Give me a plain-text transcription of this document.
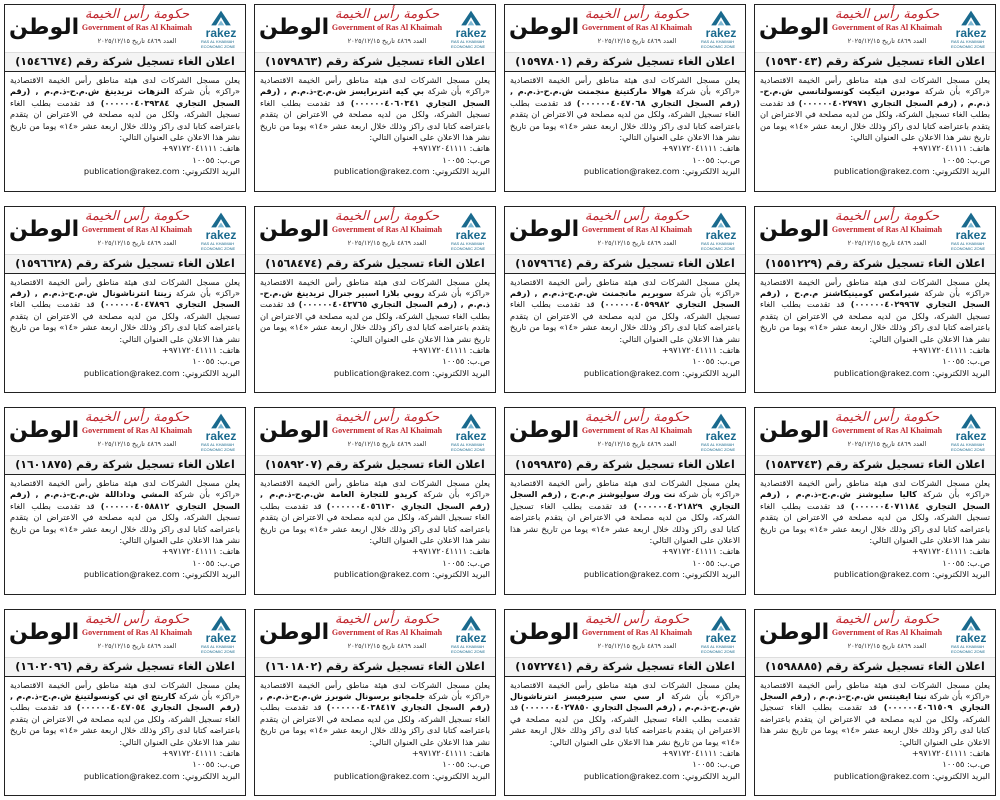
rakez
RAS AL KHAIMAH ECONOMIC ZONE
حكومة رأس الخيمة
Government of Ras Al Khaimah
العدد ٤٨٦٩ تاريخ ٢٠٢٥/١٢/١٥
الوطن
اعلان الغاء تسجيل شركة رقم (١٥٩٣٠٤٣)
يعلن مسجل الشركات لدى هيئة مناطق رأس الخيمة الاقتصادية «راكز» بأن شركة مودبرن اتيكيت كونسولتانسي ش.م.ح-ذ.م.م , (رقم السجل التجاري ٠٠٠٠٠٠٤٠٢٧٩٧١) قد تقدمت بطلب الغاء تسجيل الشركة، ولكل من لديه مصلحة في الاعتراض ان يتقدم باعتراضه كتابا لدى راكز وذلك خلال اربعة عشر «١٤» يوما من تاريخ نشر هذا الاعلان على العنوان التالي:
هاتف: ٩٧١٧٢٠٤١١١١+
ص.ب: ١٠٠٥٥
البريد الالكتروني: publication@rakez.com
rakez
RAS AL KHAIMAH ECONOMIC ZONE
حكومة رأس الخيمة
Government of Ras Al Khaimah
العدد ٤٨٦٩ تاريخ ٢٠٢٥/١٢/١٥
الوطن
اعلان الغاء تسجيل شركة رقم (١٥٩٧٨٠١)
يعلن مسجل الشركات لدى هيئة مناطق رأس الخيمة الاقتصادية «راكز» بأن شركة هوالا ماركتينغ منجمنت ش.م.ح-ذ.م.م , (رقم السجل التجاري ٠٠٠٠٠٠٤٠٤٧٠٦٨) قد تقدمت بطلب الغاء تسجيل الشركة، ولكل من لديه مصلحة في الاعتراض ان يتقدم باعتراضه كتابا لدى راكز وذلك خلال اربعة عشر «١٤» يوما من تاريخ نشر هذا الاعلان على العنوان التالي:
هاتف: ٩٧١٧٢٠٤١١١١+
ص.ب: ١٠٠٥٥
البريد الالكتروني: publication@rakez.com
rakez
RAS AL KHAIMAH ECONOMIC ZONE
حكومة رأس الخيمة
Government of Ras Al Khaimah
العدد ٤٨٦٩ تاريخ ٢٠٢٥/١٢/١٥
الوطن
اعلان الغاء تسجيل شركة رقم (١٥٧٩٨٦٣)
يعلن مسجل الشركات لدى هيئة مناطق رأس الخيمة الاقتصادية «راكز» بأن شركة بي كيه انتربرايسز ش.م.ح-ذ.م.م , (رقم السجل التجاري ٠٠٠٠٠٠٤٠٦٠٣٤١) قد تقدمت بطلب الغاء تسجيل الشركة، ولكل من لديه مصلحة في الاعتراض ان يتقدم باعتراضه كتابا لدى راكز وذلك خلال اربعة عشر «١٤» يوما من تاريخ نشر هذا الاعلان على العنوان التالي:
هاتف: ٩٧١٧٢٠٤١١١١+
ص.ب: ١٠٠٥٥
البريد الالكتروني: publication@rakez.com
rakez
RAS AL KHAIMAH ECONOMIC ZONE
حكومة رأس الخيمة
Government of Ras Al Khaimah
العدد ٤٨٦٩ تاريخ ٢٠٢٥/١٢/١٥
الوطن
اعلان الغاء تسجيل شركة رقم (١٥٤٦٦٧٤)
يعلن مسجل الشركات لدى هيئة مناطق رأس الخيمة الاقتصادية «راكز» بأن شركة النزهات تريدينغ ش.م.ح-ذ.م.م , (رقم السجل التجاري ٠٠٠٠٠٠٤٠٣٩٣٨٤) قد تقدمت بطلب الغاء تسجيل الشركة، ولكل من لديه مصلحة في الاعتراض ان يتقدم باعتراضه كتابا لدى راكز وذلك خلال اربعة عشر «١٤» يوما من تاريخ نشر هذا الاعلان على العنوان التالي:
هاتف: ٩٧١٧٢٠٤١١١١+
ص.ب: ١٠٠٥٥
البريد الالكتروني: publication@rakez.com
rakez
RAS AL KHAIMAH ECONOMIC ZONE
حكومة رأس الخيمة
Government of Ras Al Khaimah
العدد ٤٨٦٩ تاريخ ٢٠٢٥/١٢/١٥
الوطن
اعلان الغاء تسجيل شركة رقم (١٥٥١٢٢٩)
يعلن مسجل الشركات لدى هيئة مناطق رأس الخيمة الاقتصادية «راكز» بأن شركة شيرامكس كومينيكاشنز م.م.ح , (رقم السجل التجاري ٠٠٠٠٠٠٤٠٢٩٩٦٧) قد تقدمت بطلب الغاء تسجيل الشركة، ولكل من لديه مصلحة في الاعتراض ان يتقدم باعتراضه كتابا لدى راكز وذلك خلال اربعة عشر «١٤» يوما من تاريخ نشر هذا الاعلان على العنوان التالي:
هاتف: ٩٧١٧٢٠٤١١١١+
ص.ب: ١٠٠٥٥
البريد الالكتروني: publication@rakez.com
rakez
RAS AL KHAIMAH ECONOMIC ZONE
حكومة رأس الخيمة
Government of Ras Al Khaimah
العدد ٤٨٦٩ تاريخ ٢٠٢٥/١٢/١٥
الوطن
اعلان الغاء تسجيل شركة رقم (١٥٧٩٦٦٤)
يعلن مسجل الشركات لدى هيئة مناطق رأس الخيمة الاقتصادية «راكز» بأن شركة سوبريم مانجمنت ش.م.ح-ذ.م.م , (رقم السجل التجاري ٠٠٠٠٠٠٤٠٥٩٩٨٢) قد تقدمت بطلب الغاء تسجيل الشركة، ولكل من لديه مصلحة في الاعتراض ان يتقدم باعتراضه كتابا لدى راكز وذلك خلال اربعة عشر «١٤» يوما من تاريخ نشر هذا الاعلان على العنوان التالي:
هاتف: ٩٧١٧٢٠٤١١١١+
ص.ب: ١٠٠٥٥
البريد الالكتروني: publication@rakez.com
rakez
RAS AL KHAIMAH ECONOMIC ZONE
حكومة رأس الخيمة
Government of Ras Al Khaimah
العدد ٤٨٦٩ تاريخ ٢٠٢٥/١٢/١٥
الوطن
اعلان الغاء تسجيل شركة رقم (١٥٦٨٤٧٤)
يعلن مسجل الشركات لدى هيئة مناطق رأس الخيمة الاقتصادية «راكز» بأن شركة روبي بلازا اسبير جنرال تريدينغ ش.م.ح-ذ.م.م , (رقم السجل التجاري ٠٠٠٠٠٠٤٠٤٣٧٦٥) قد تقدمت بطلب الغاء تسجيل الشركة، ولكل من لديه مصلحة في الاعتراض ان يتقدم باعتراضه كتابا لدى راكز وذلك خلال اربعة عشر «١٤» يوما من تاريخ نشر هذا الاعلان على العنوان التالي:
هاتف: ٩٧١٧٢٠٤١١١١+
ص.ب: ١٠٠٥٥
البريد الالكتروني: publication@rakez.com
rakez
RAS AL KHAIMAH ECONOMIC ZONE
حكومة رأس الخيمة
Government of Ras Al Khaimah
العدد ٤٨٦٩ تاريخ ٢٠٢٥/١٢/١٥
الوطن
اعلان الغاء تسجيل شركة رقم (١٥٩٦٦٢٨)
يعلن مسجل الشركات لدى هيئة مناطق رأس الخيمة الاقتصادية «راكز» بأن شركة زينتا انترناشونال ش.م.ح-ذ.م.م , (رقم السجل التجاري ٠٠٠٠٠٠٤٠٤٧٨٩٦) قد تقدمت بطلب الغاء تسجيل الشركة، ولكل من لديه مصلحة في الاعتراض ان يتقدم باعتراضه كتابا لدى راكز وذلك خلال اربعة عشر «١٤» يوما من تاريخ نشر هذا الاعلان على العنوان التالي:
هاتف: ٩٧١٧٢٠٤١١١١+
ص.ب: ١٠٠٥٥
البريد الالكتروني: publication@rakez.com
rakez
RAS AL KHAIMAH ECONOMIC ZONE
حكومة رأس الخيمة
Government of Ras Al Khaimah
العدد ٤٨٦٩ تاريخ ٢٠٢٥/١٢/١٥
الوطن
اعلان الغاء تسجيل شركة رقم (١٥٨٣٧٤٣)
يعلن مسجل الشركات لدى هيئة مناطق رأس الخيمة الاقتصادية «راكز» بأن شركة كاليا سليوشنز ش.م.ح-ذ.م.م , (رقم السجل التجاري ٠٠٠٠٠٠٤٠٧١١٨٤) قد تقدمت بطلب الغاء تسجيل الشركة، ولكل من لديه مصلحة في الاعتراض ان يتقدم باعتراضه كتابا لدى راكز وذلك خلال اربعة عشر «١٤» يوما من تاريخ نشر هذا الاعلان على العنوان التالي:
هاتف: ٩٧١٧٢٠٤١١١١+
ص.ب: ١٠٠٥٥
البريد الالكتروني: publication@rakez.com
rakez
RAS AL KHAIMAH ECONOMIC ZONE
حكومة رأس الخيمة
Government of Ras Al Khaimah
العدد ٤٨٦٩ تاريخ ٢٠٢٥/١٢/١٥
الوطن
اعلان الغاء تسجيل شركة رقم (١٥٩٩٨٣٥)
يعلن مسجل الشركات لدى هيئة مناطق رأس الخيمة الاقتصادية «راكز» بأن شركة نت ورك سوليوشنز م.م.ح , (رقم السجل التجاري ٠٠٠٠٠٠٤٠٢١٨٢٩) قد تقدمت بطلب الغاء تسجيل الشركة، ولكل من لديه مصلحة في الاعتراض ان يتقدم باعتراضه كتابا لدى راكز وذلك خلال اربعة عشر «١٤» يوما من تاريخ نشر هذا الاعلان على العنوان التالي:
هاتف: ٩٧١٧٢٠٤١١١١+
ص.ب: ١٠٠٥٥
البريد الالكتروني: publication@rakez.com
rakez
RAS AL KHAIMAH ECONOMIC ZONE
حكومة رأس الخيمة
Government of Ras Al Khaimah
العدد ٤٨٦٩ تاريخ ٢٠٢٥/١٢/١٥
الوطن
اعلان الغاء تسجيل شركة رقم (١٥٨٩٢٠٧)
يعلن مسجل الشركات لدى هيئة مناطق رأس الخيمة الاقتصادية «راكز» بأن شركة كريدو للتجارة العامة ش.م.ح-ذ.م.م , (رقم السجل التجاري ٠٠٠٠٠٠٤٠٥٦١٣٠) قد تقدمت بطلب الغاء تسجيل الشركة، ولكل من لديه مصلحة في الاعتراض ان يتقدم باعتراضه كتابا لدى راكز وذلك خلال اربعة عشر «١٤» يوما من تاريخ نشر هذا الاعلان على العنوان التالي:
هاتف: ٩٧١٧٢٠٤١١١١+
ص.ب: ١٠٠٥٥
البريد الالكتروني: publication@rakez.com
rakez
RAS AL KHAIMAH ECONOMIC ZONE
حكومة رأس الخيمة
Government of Ras Al Khaimah
العدد ٤٨٦٩ تاريخ ٢٠٢٥/١٢/١٥
الوطن
اعلان الغاء تسجيل شركة رقم (١٦٠١٨٧٥)
يعلن مسجل الشركات لدى هيئة مناطق رأس الخيمة الاقتصادية «راكز» بأن شركة المشي وداداللة ش.م.ح-ذ.م.م , (رقم السجل التجاري ٠٠٠٠٠٠٤٠٥٨٨١٢) قد تقدمت بطلب الغاء تسجيل الشركة، ولكل من لديه مصلحة في الاعتراض ان يتقدم باعتراضه كتابا لدى راكز وذلك خلال اربعة عشر «١٤» يوما من تاريخ نشر هذا الاعلان على العنوان التالي:
هاتف: ٩٧١٧٢٠٤١١١١+
ص.ب: ١٠٠٥٥
البريد الالكتروني: publication@rakez.com
rakez
RAS AL KHAIMAH ECONOMIC ZONE
حكومة رأس الخيمة
Government of Ras Al Khaimah
العدد ٤٨٦٩ تاريخ ٢٠٢٥/١٢/١٥
الوطن
اعلان الغاء تسجيل شركة رقم (١٥٩٨٨٨٥)
يعلن مسجل الشركات لدى هيئة مناطق رأس الخيمة الاقتصادية «راكز» بأن شركة نيتا ايفينتس ش.م.ح-ذ.م.م , (رقم السجل التجاري ٠٠٠٠٠٠٤٠٦١٥٠٩) قد تقدمت بطلب الغاء تسجيل الشركة، ولكل من لديه مصلحة في الاعتراض ان يتقدم باعتراضه كتابا لدى راكز وذلك خلال اربعة عشر «١٤» يوما من تاريخ نشر هذا الاعلان على العنوان التالي:
هاتف: ٩٧١٧٢٠٤١١١١+
ص.ب: ١٠٠٥٥
البريد الالكتروني: publication@rakez.com
rakez
RAS AL KHAIMAH ECONOMIC ZONE
حكومة رأس الخيمة
Government of Ras Al Khaimah
العدد ٤٨٦٩ تاريخ ٢٠٢٥/١٢/١٥
الوطن
اعلان الغاء تسجيل شركة رقم (١٥٧٢٧٤١)
يعلن مسجل الشركات لدى هيئة مناطق رأس الخيمة الاقتصادية «راكز» بأن شركة ار سي سي سيرفيسز انترناشونال ش.م.ح-ذ.م.م , (رقم السجل التجاري ٠٠٠٠٠٠٤٠٢٧٨٥٠) قد تقدمت بطلب الغاء تسجيل الشركة، ولكل من لديه مصلحة في الاعتراض ان يتقدم باعتراضه كتابا لدى راكز وذلك خلال اربعة عشر «١٤» يوما من تاريخ نشر هذا الاعلان على العنوان التالي:
هاتف: ٩٧١٧٢٠٤١١١١+
ص.ب: ١٠٠٥٥
البريد الالكتروني: publication@rakez.com
rakez
RAS AL KHAIMAH ECONOMIC ZONE
حكومة رأس الخيمة
Government of Ras Al Khaimah
العدد ٤٨٦٩ تاريخ ٢٠٢٥/١٢/١٥
الوطن
اعلان الغاء تسجيل شركة رقم (١٦٠١٨٠٢)
يعلن مسجل الشركات لدى هيئة مناطق رأس الخيمة الاقتصادية «راكز» بأن شركة جلمجانو برسونال شوبرز ش.م.ح-ذ.م.م , (رقم السجل التجاري ٠٠٠٠٠٠٤٠٣٨٤١٧) قد تقدمت بطلب الغاء تسجيل الشركة، ولكل من لديه مصلحة في الاعتراض ان يتقدم باعتراضه كتابا لدى راكز وذلك خلال اربعة عشر «١٤» يوما من تاريخ نشر هذا الاعلان على العنوان التالي:
هاتف: ٩٧١٧٢٠٤١١١١+
ص.ب: ١٠٠٥٥
البريد الالكتروني: publication@rakez.com
rakez
RAS AL KHAIMAH ECONOMIC ZONE
حكومة رأس الخيمة
Government of Ras Al Khaimah
العدد ٤٨٦٩ تاريخ ٢٠٢٥/١٢/١٥
الوطن
اعلان الغاء تسجيل شركة رقم (١٦٠٢٠٩٦)
يعلن مسجل الشركات لدى هيئة مناطق رأس الخيمة الاقتصادية «راكز» بأن شركة كاريتج اي تي كونسولتينغ ش.م.ح-ذ.م.م , (رقم السجل التجاري ٠٠٠٠٠٠٤٠٤٧٠٥٤) قد تقدمت بطلب الغاء تسجيل الشركة، ولكل من لديه مصلحة في الاعتراض ان يتقدم باعتراضه كتابا لدى راكز وذلك خلال اربعة عشر «١٤» يوما من تاريخ نشر هذا الاعلان على العنوان التالي:
هاتف: ٩٧١٧٢٠٤١١١١+
ص.ب: ١٠٠٥٥
البريد الالكتروني: publication@rakez.com
